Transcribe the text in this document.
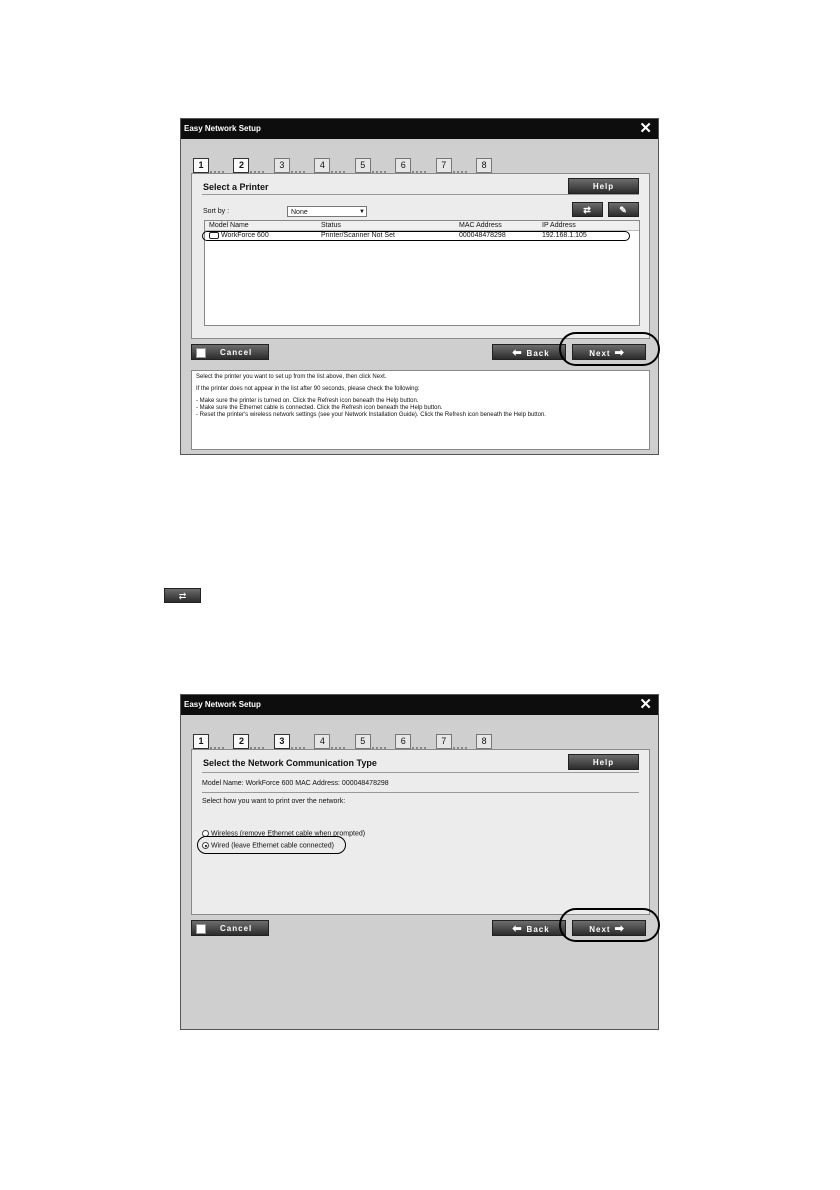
Easy Network Setup	✕
1	2	3	4	5	6	7	8
Select a Printer	Help
⇄	✎
Sort by :	None	▼
Model Name	Status	MAC Address	IP Address
WorkForce 600	Printer/Scanner Not Set	000048478298	192.168.1.105
Cancel	⬅ Back	Next ➡

Select the printer you want to set up from the list above, then click Next.

If the printer does not appear in the list after 90 seconds, please check the following:

- Make sure the printer is turned on. Click the Refresh icon beneath the Help button.

- Make sure the Ethernet cable is connected. Click the Refresh icon beneath the Help button.

- Reset the printer's wireless network settings (see your Network Installation Guide). Click the Refresh icon beneath the Help button.

⇄
Easy Network Setup	✕
1	2	3	4	5	6	7	8
Select the Network Communication Type	Help
Model Name: WorkForce 600 MAC Address: 000048478298
Select how you want to print over the network:
Wireless (remove Ethernet cable when prompted)
Wired (leave Ethernet cable connected)
Cancel	⬅ Back	Next ➡
